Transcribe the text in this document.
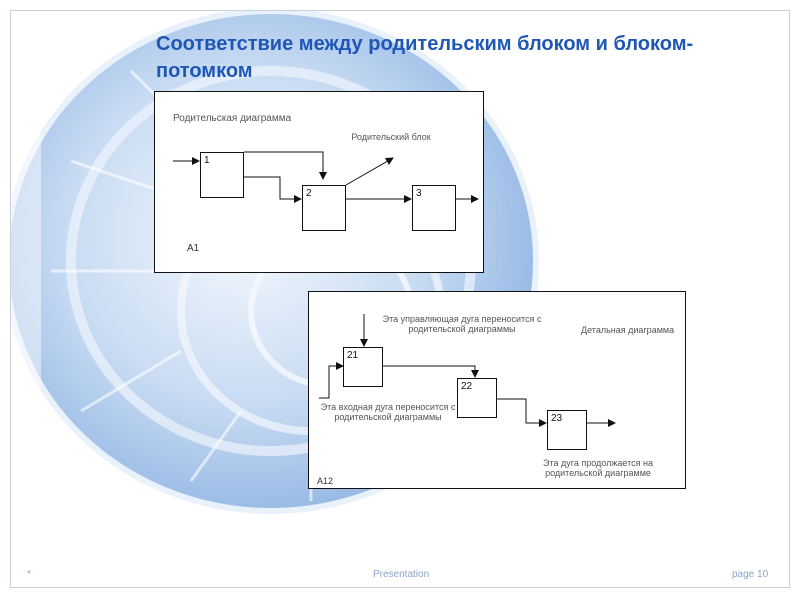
Соответствие между родительским блоком и блоком-потомком
Родительская диаграмма
Родительский блок
1
2	3
A1
Эта управляющая дуга переносится с родительской диаграммы	Детальная диаграмма
21
22
23
Эта входная дуга переносится с родительской диаграммы
Эта дуга продолжается на родительской диаграмме
A12
*	Presentation	page 10
